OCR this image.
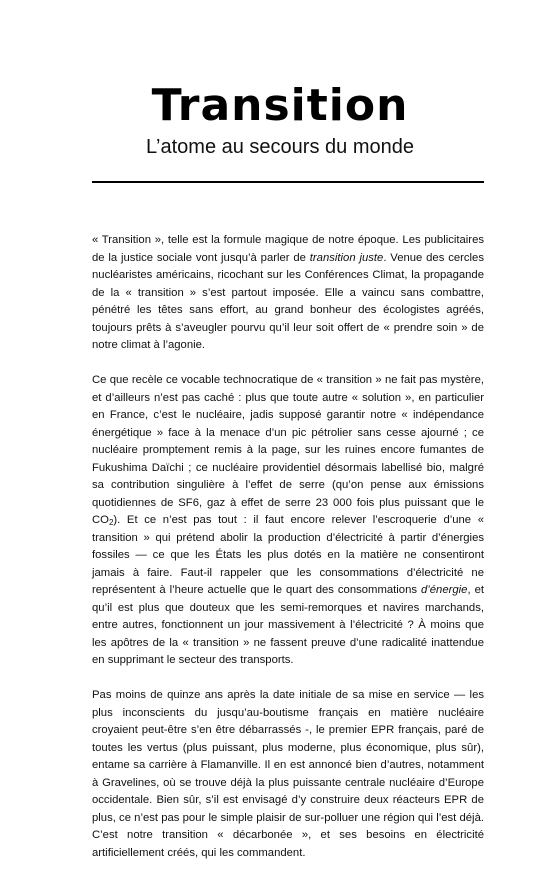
Transition
L’atome au secours du monde

« Transition », telle est la formule magique de notre époque. Les publicitaires de la justice sociale vont jusqu’à parler de transition juste. Venue des cercles nucléaristes américains, ricochant sur les Conférences Climat, la propagande de la « transition » s’est partout imposée. Elle a vaincu sans combattre, pénétré les têtes sans effort, au grand bonheur des écologistes agréés, toujours prêts à s’aveugler pourvu qu’il leur soit offert de « prendre soin » de notre climat à l’agonie.

Ce que recèle ce vocable technocratique de « transition » ne fait pas mystère, et d’ailleurs n’est pas caché : plus que toute autre « solution », en particulier en France, c’est le nucléaire, jadis supposé garantir notre « indépendance énergétique » face à la menace d’un pic pétrolier sans cesse ajourné ; ce nucléaire promptement remis à la page, sur les ruines encore fumantes de Fukushima Daïchi ; ce nucléaire providentiel désormais labellisé bio, malgré sa contribution singulière à l’effet de serre (qu’on pense aux émissions quotidiennes de SF6, gaz à effet de serre 23 000 fois plus puissant que le $CO_2$). Et ce n’est pas tout : il faut encore relever l’escroquerie d’une « transition » qui prétend abolir la production d’électricité à partir d’énergies fossiles — ce que les États les plus dotés en la matière ne consentiront jamais à faire. Faut-il rappeler que les consommations d’électricité ne représentent à l’heure actuelle que le quart des consommations d’énergie, et qu’il est plus que douteux que les semi-remorques et navires marchands, entre autres, fonctionnent un jour massivement à l’électricité ? À moins que les apôtres de la « transition » ne fassent preuve d’une radicalité inattendue en supprimant le secteur des transports.

Pas moins de quinze ans après la date initiale de sa mise en service — les plus inconscients du jusqu’au-boutisme français en matière nucléaire croyaient peut-être s’en être débarrassés -, le premier EPR français, paré de toutes les vertus (plus puissant, plus moderne, plus économique, plus sûr), entame sa carrière à Flamanville. Il en est annoncé bien d’autres, notamment à Gravelines, où se trouve déjà la plus puissante centrale nucléaire d’Europe occidentale. Bien sûr, s’il est envisagé d’y construire deux réacteurs EPR de plus, ce n’est pas pour le simple plaisir de sur-polluer une région qui l’est déjà. C’est notre transition « décarbonée », et ses besoins en électricité artificiellement créés, qui les commandent.
